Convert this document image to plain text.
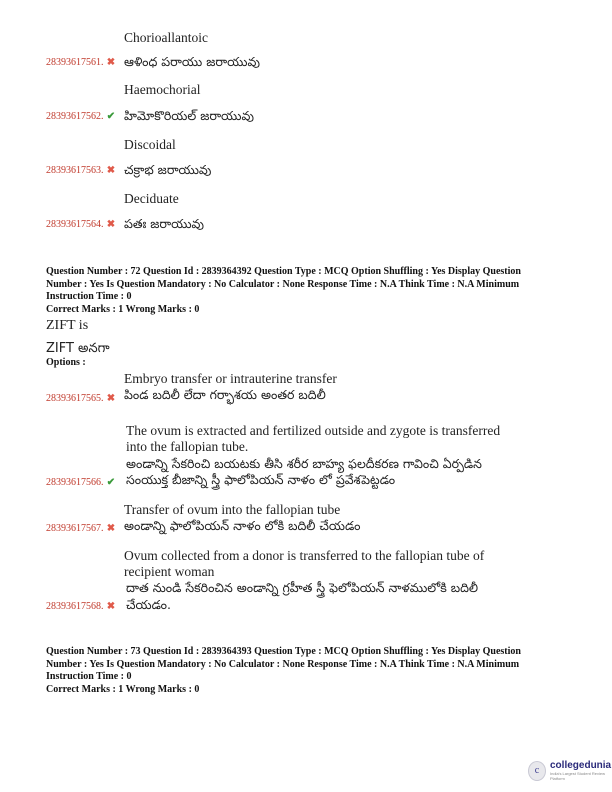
Chorioallantoic
28393617561. ✖ ఆళింధ పరాయు జరాయువు
Haemochorial
28393617562. ✔ హిమోకొరియల్ జరాయువు
Discoidal
28393617563. ✖ చక్రాభ జరాయువు
Deciduate
28393617564. ✖ పతః జరాయువు
Question Number : 72 Question Id : 2839364392 Question Type : MCQ Option Shuffling : Yes Display Question Number : Yes Is Question Mandatory : No Calculator : None Response Time : N.A Think Time : N.A Minimum Instruction Time : 0
Correct Marks : 1 Wrong Marks : 0
ZIFT is
ZIFT అనగా
Options :
Embryo transfer or intrauterine transfer
పిండ బదిలీ లేదా గర్భాశయ అంతర బదిలీ
28393617565. ✖
The ovum is extracted and fertilized outside and zygote is transferred
into the fallopian tube.
అండాన్ని సేకరించి బయటకు తీసి శరీర బాహ్య ఫలదీకరణ గావించి ఏర్పడిన
సంయుక్త బీజాన్ని స్త్రీ ఫాలోపియన్ నాళం లో ప్రవేశపెట్టడం
28393617566. ✔
Transfer of ovum into the fallopian tube
అండాన్ని ఫాలోపియన్ నాళం లోకి బదిలీ చేయడం
28393617567. ✖
Ovum collected from a donor is transferred to the fallopian tube of
recipient woman
దాత నుండి సేకరించిన అండాన్ని గ్రహీత స్త్రీ ఫెలోపియన్ నాళములోకి బదిలీ
చేయడం.
28393617568. ✖
Question Number : 73 Question Id : 2839364393 Question Type : MCQ Option Shuffling : Yes Display Question Number : Yes Is Question Mandatory : No Calculator : None Response Time : N.A Think Time : N.A Minimum Instruction Time : 0
Correct Marks : 1 Wrong Marks : 0
c	collegedunia
India's Largest Student Review Platform
